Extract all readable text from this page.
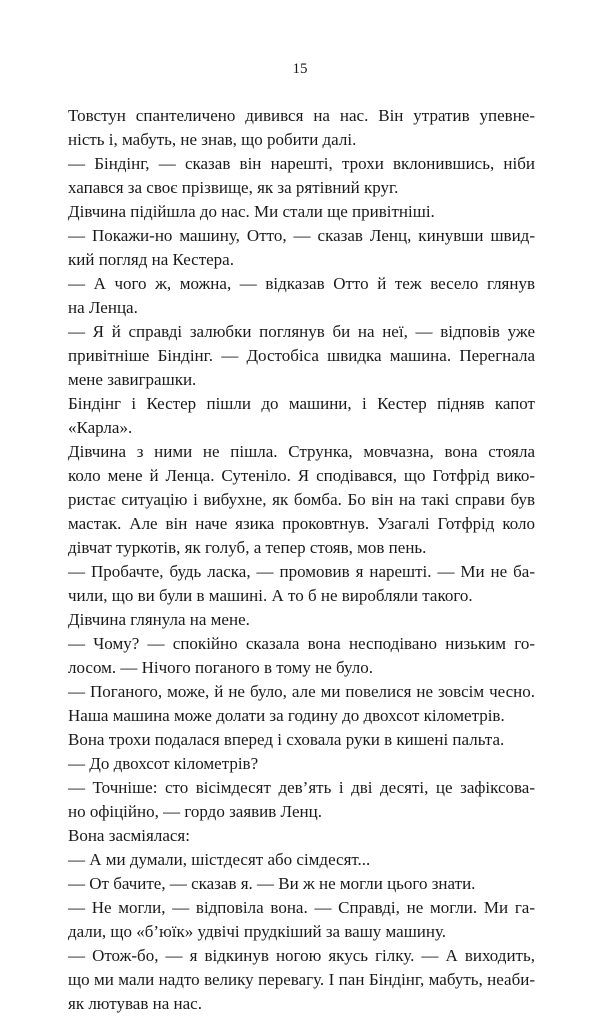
15
Товстун спантеличено дивився на нас. Він утратив упевне-
ність і, мабуть, не знав, що робити далі.
— Біндінг, — сказав він нарешті, трохи вклонившись, ніби
хапався за своє прізвище, як за рятівний круг.
Дівчина підійшла до нас. Ми стали ще привітніші.
— Покажи-но машину, Отто, — сказав Ленц, кинувши швид-
кий погляд на Кестера.
— А чого ж, можна, — відказав Отто й теж весело глянув
на Ленца.
— Я й справді залюбки поглянув би на неї, — відповів уже
привітніше Біндінг. — Достобіса швидка машина. Перегнала
мене завиграшки.
Біндінг і Кестер пішли до машини, і Кестер підняв капот
«Карла».
Дівчина з ними не пішла. Струнка, мовчазна, вона стояла
коло мене й Ленца. Сутеніло. Я сподівався, що Готфрід вико-
ристає ситуацію і вибухне, як бомба. Бо він на такі справи був
мастак. Але він наче язика проковтнув. Узагалі Готфрід коло
дівчат туркотів, як голуб, а тепер стояв, мов пень.
— Пробачте, будь ласка, — промовив я нарешті. — Ми не ба-
чили, що ви були в машині. А то б не виробляли такого.
Дівчина глянула на мене.
— Чому? — спокійно сказала вона несподівано низьким го-
лосом. — Нічого поганого в тому не було.
— Поганого, може, й не було, але ми повелися не зовсім чесно.
Наша машина може долати за годину до двохсот кілометрів.
Вона трохи подалася вперед і сховала руки в кишені пальта.
— До двохсот кілометрів?
— Точніше: сто вісімдесят дев’ять і дві десяті, це зафіксова-
но офіційно, — гордо заявив Ленц.
Вона засміялася:
— А ми думали, шістдесят або сімдесят...
— От бачите, — сказав я. — Ви ж не могли цього знати.
— Не могли, — відповіла вона. — Справді, не могли. Ми га-
дали, що «б’юїк» удвічі прудкіший за вашу машину.
— Отож-бо, — я відкинув ногою якусь гілку. — А виходить,
що ми мали надто велику перевагу. І пан Біндінг, мабуть, неаби-
як лютував на нас.
